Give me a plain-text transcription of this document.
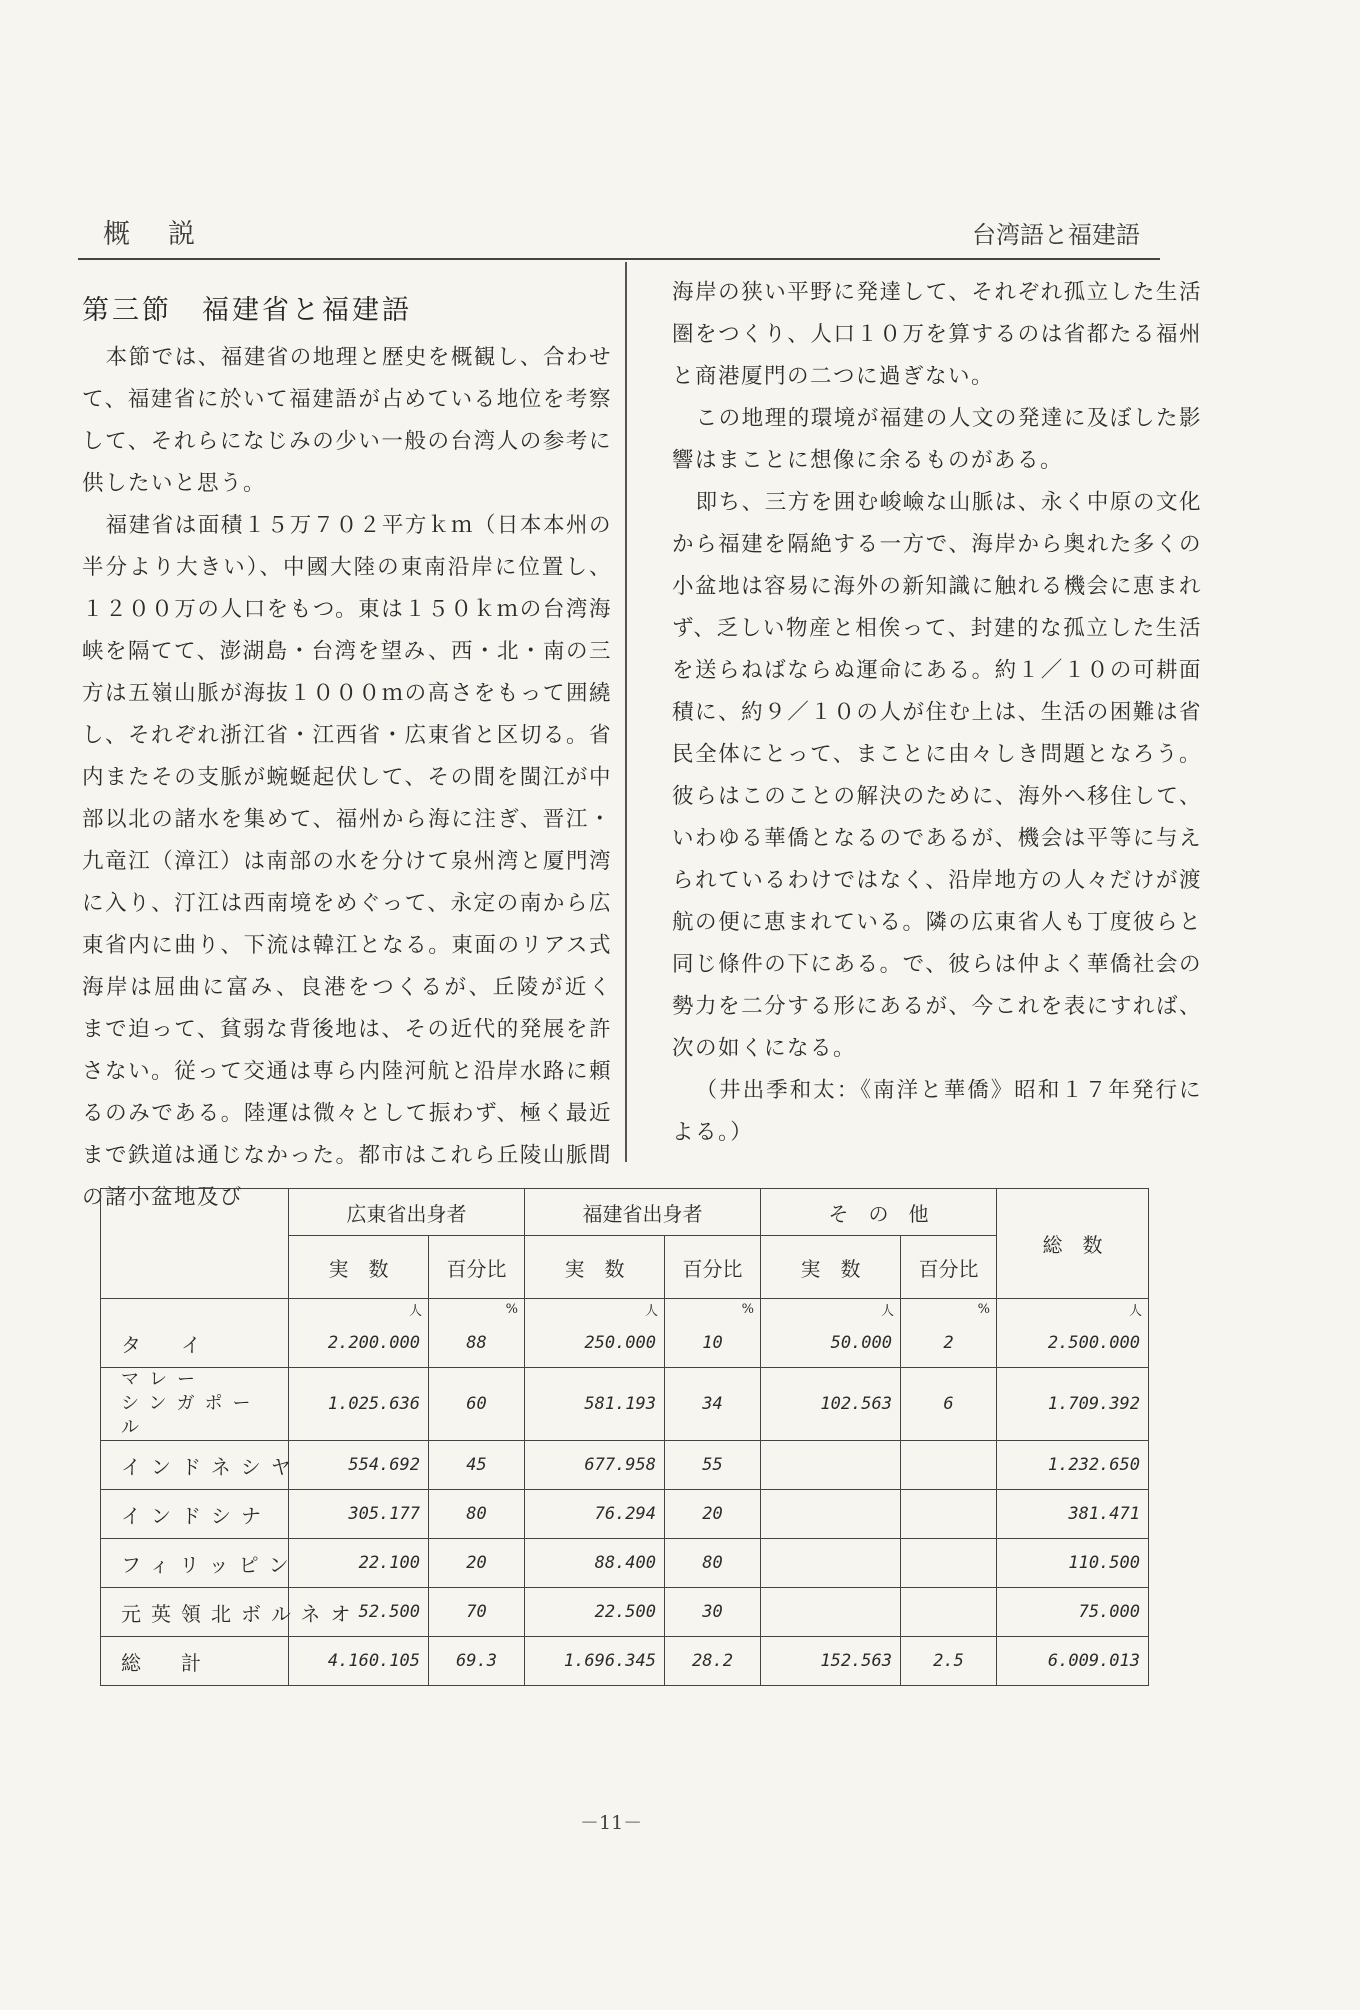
概説	台湾語と福建語
第三節　福建省と福建語

本節では、福建省の地理と歴史を概観し、合わせて、福建省に於いて福建語が占めている地位を考察して、それらになじみの少い一般の台湾人の参考に供したいと思う。

福建省は面積１５万７０２平方ｋｍ（日本本州の半分より大きい）、中國大陸の東南沿岸に位置し、１２００万の人口をもつ。東は１５０ｋｍの台湾海峡を隔てて、澎湖島・台湾を望み、西・北・南の三方は五嶺山脈が海抜１０００ｍの高さをもって囲繞し、それぞれ浙江省・江西省・広東省と区切る。省内またその支脈が蜿蜒起伏して、その間を閩江が中部以北の諸水を集めて、福州から海に注ぎ、晋江・九竜江（漳江）は南部の水を分けて泉州湾と厦門湾に入り、汀江は西南境をめぐって、永定の南から広東省内に曲り、下流は韓江となる。東面のリアス式海岸は屈曲に富み、良港をつくるが、丘陵が近くまで迫って、貧弱な背後地は、その近代的発展を許さない。従って交通は専ら内陸河航と沿岸水路に頼るのみである。陸運は微々として振わず、極く最近まで鉄道は通じなかった。都市はこれら丘陵山脈間の諸小盆地及び

海岸の狭い平野に発達して、それぞれ孤立した生活圏をつくり、人口１０万を算するのは省都たる福州と商港厦門の二つに過ぎない。

この地理的環境が福建の人文の発達に及ぼした影響はまことに想像に余るものがある。

即ち、三方を囲む峻嶮な山脈は、永く中原の文化から福建を隔絶する一方で、海岸から奥れた多くの小盆地は容易に海外の新知識に触れる機会に恵まれず、乏しい物産と相俟って、封建的な孤立した生活を送らねばならぬ運命にある。約１／１０の可耕面積に、約９／１０の人が住む上は、生活の困難は省民全体にとって、まことに由々しき問題となろう。彼らはこのことの解決のために、海外へ移住して、いわゆる華僑となるのであるが、機会は平等に与えられているわけではなく、沿岸地方の人々だけが渡航の便に恵まれている。隣の広東省人も丁度彼らと同じ條件の下にある。で、彼らは仲よく華僑社会の勢力を二分する形にあるが、今これを表にすれば、次の如くになる。

（井出季和太：《南洋と華僑》昭和１７年発行による。）

	広東省出身者		福建省出身者		そ　の　他		総　数
	実　数	百分比	実　数	百分比	実　数	百分比	
	人	%	人	%	人	%	人
タ　イ	2.200.000	88	250.000	10	50.000	2	2.500.000
マレー
シンガポール	1.025.636	60	581.193	34	102.563	6	1.709.392
インドネシヤ	554.692	45	677.958	55			1.232.650
インドシナ	305.177	80	76.294	20			381.471
フィリッピン	22.100	20	88.400	80			110.500
元英領北ボルネオ	52.500	70	22.500	30			75.000
総　計	4.160.105	69.3	1.696.345	28.2	152.563	2.5	6.009.013
－11－
